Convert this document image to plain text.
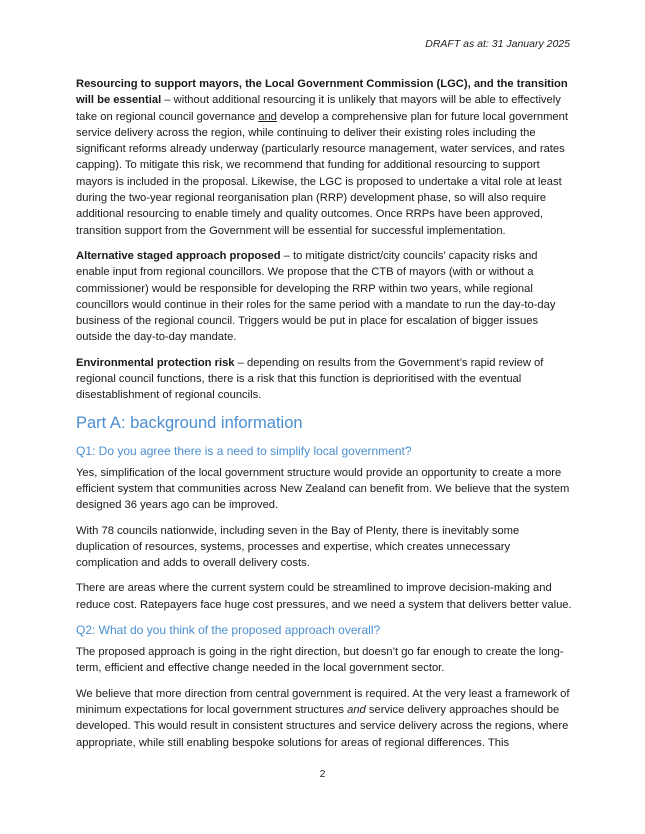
DRAFT as at: 31 January 2025

Resourcing to support mayors, the Local Government Commission (LGC), and the transition will be essential – without additional resourcing it is unlikely that mayors will be able to effectively take on regional council governance and develop a comprehensive plan for future local government service delivery across the region, while continuing to deliver their existing roles including the significant reforms already underway (particularly resource management, water services, and rates capping). To mitigate this risk, we recommend that funding for additional resourcing to support mayors is included in the proposal. Likewise, the LGC is proposed to undertake a vital role at least during the two-year regional reorganisation plan (RRP) development phase, so will also require additional resourcing to enable timely and quality outcomes. Once RRPs have been approved, transition support from the Government will be essential for successful implementation.

Alternative staged approach proposed – to mitigate district/city councils’ capacity risks and enable input from regional councillors. We propose that the CTB of mayors (with or without a commissioner) would be responsible for developing the RRP within two years, while regional councillors would continue in their roles for the same period with a mandate to run the day-to-day business of the regional council. Triggers would be put in place for escalation of bigger issues outside the day-to-day mandate.

Environmental protection risk – depending on results from the Government’s rapid review of regional council functions, there is a risk that this function is deprioritised with the eventual disestablishment of regional councils.

Part A: background information
Q1: Do you agree there is a need to simplify local government?

Yes, simplification of the local government structure would provide an opportunity to create a more efficient system that communities across New Zealand can benefit from. We believe that the system designed 36 years ago can be improved.

With 78 councils nationwide, including seven in the Bay of Plenty, there is inevitably some duplication of resources, systems, processes and expertise, which creates unnecessary complication and adds to overall delivery costs.

There are areas where the current system could be streamlined to improve decision-making and reduce cost. Ratepayers face huge cost pressures, and we need a system that delivers better value.

Q2: What do you think of the proposed approach overall?

The proposed approach is going in the right direction, but doesn’t go far enough to create the long-term, efficient and effective change needed in the local government sector.

We believe that more direction from central government is required. At the very least a framework of minimum expectations for local government structures and service delivery approaches should be developed. This would result in consistent structures and service delivery across the regions, where appropriate, while still enabling bespoke solutions for areas of regional differences. This

2
